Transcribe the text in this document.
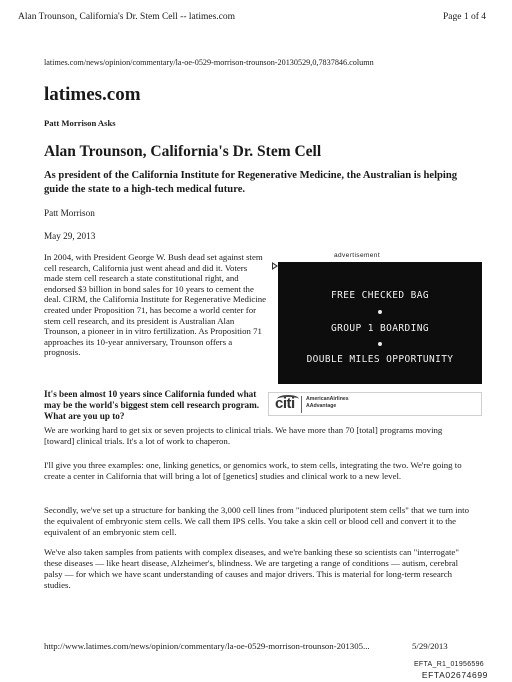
Alan Trounson, California's Dr. Stem Cell -- latimes.com	Page 1 of 4
latimes.com/news/opinion/commentary/la-oe-0529-morrison-trounson-20130529,0,7837846.column
latimes.com
Patt Morrison Asks
Alan Trounson, California's Dr. Stem Cell
As president of the California Institute for Regenerative Medicine, the Australian is helping guide the state to a high-tech medical future.
Patt Morrison
May 29, 2013
In 2004, with President George W. Bush dead set against stem cell research, California just went ahead and did it. Voters made stem cell research a state constitutional right, and endorsed $3 billion in bond sales for 10 years to cement the deal. CIRM, the California Institute for Regenerative Medicine created under Proposition 71, has become a world center for stem cell research, and its president is Australian Alan Trounson, a pioneer in in vitro fertilization. As Proposition 71 approaches its 10-year anniversary, Trounson offers a prognosis.
advertisement
FREE CHECKED BAG
GROUP 1 BOARDING
DOUBLE MILES OPPORTUNITY
citi AmericanAirlines
AAdvantage
It's been almost 10 years since California funded what may be the world's biggest stem cell research program. What are you up to?
We are working hard to get six or seven projects to clinical trials. We have more than 70 [total] programs moving [toward] clinical trials. It's a lot of work to chaperon.
I'll give you three examples: one, linking genetics, or genomics work, to stem cells, integrating the two. We're going to create a center in California that will bring a lot of [genetics] studies and clinical work to a new level.
Secondly, we've set up a structure for banking the 3,000 cell lines from "induced pluripotent stem cells" that we turn into the equivalent of embryonic stem cells. We call them IPS cells. You take a skin cell or blood cell and convert it to the equivalent of an embryonic stem cell.
We've also taken samples from patients with complex diseases, and we're banking these so scientists can "interrogate" these diseases — like heart disease, Alzheimer's, blindness. We are targeting a range of conditions — autism, cerebral palsy — for which we have scant understanding of causes and major drivers. This is material for long-term research studies.
http://www.latimes.com/news/opinion/commentary/la-oe-0529-morrison-trounson-201305...	5/29/2013
EFTA_R1_01956596
EFTA02674699
